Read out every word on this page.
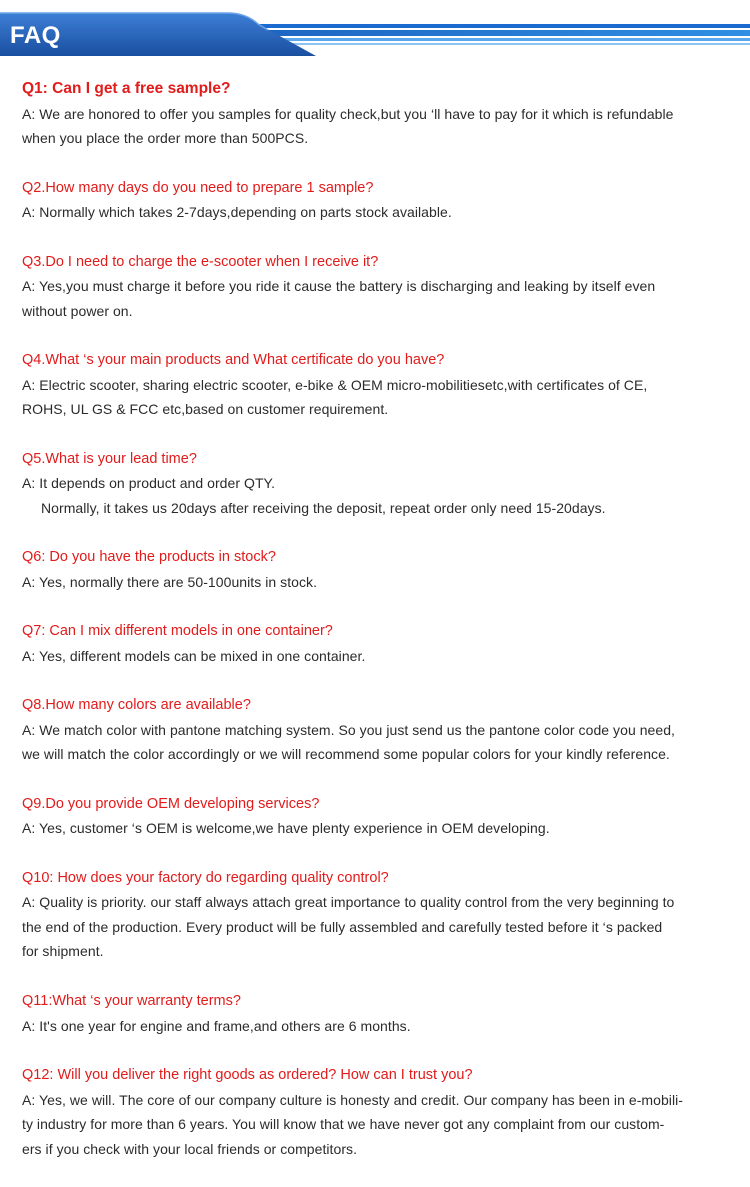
FAQ
Q1: Can I get a free sample?
A: We are honored to offer you samples for quality check,but you ‘ll have to pay for it which is refundable
when you place the order more than 500PCS.
Q2.How many days do you need to prepare 1 sample?
A: Normally which takes 2-7days,depending on parts stock available.
Q3.Do I need to charge the e-scooter when I receive it?
A: Yes,you must charge it before you ride it cause the battery is discharging and leaking by itself even
without power on.
Q4.What ‘s your main products and What certificate do you have?
A: Electric scooter, sharing electric scooter, e-bike & OEM micro-mobilitiesetc,with certificates of CE,
ROHS, UL GS & FCC etc,based on customer requirement.
Q5.What is your lead time?
A: It depends on product and order QTY.
Normally, it takes us 20days after receiving the deposit, repeat order only need 15-20days.
Q6: Do you have the products in stock?
A: Yes, normally there are 50-100units in stock.
Q7: Can I mix different models in one container?
A: Yes, different models can be mixed in one container.
Q8.How many colors are available?
A: We match color with pantone matching system. So you just send us the pantone color code you need,
we will match the color accordingly or we will recommend some popular colors for your kindly reference.
Q9.Do you provide OEM developing services?
A: Yes, customer ‘s OEM is welcome,we have plenty experience in OEM developing.
Q10: How does your factory do regarding quality control?
A: Quality is priority. our staff always attach great importance to quality control from the very beginning to
the end of the production. Every product will be fully assembled and carefully tested before it ‘s packed
for shipment.
Q11:What ‘s your warranty terms?
A: It's one year for engine and frame,and others are 6 months.
Q12: Will you deliver the right goods as ordered? How can I trust you?
A: Yes, we will. The core of our company culture is honesty and credit. Our company has been in e-mobili-
ty industry for more than 6 years. You will know that we have never got any complaint from our custom-
ers if you check with your local friends or competitors.
